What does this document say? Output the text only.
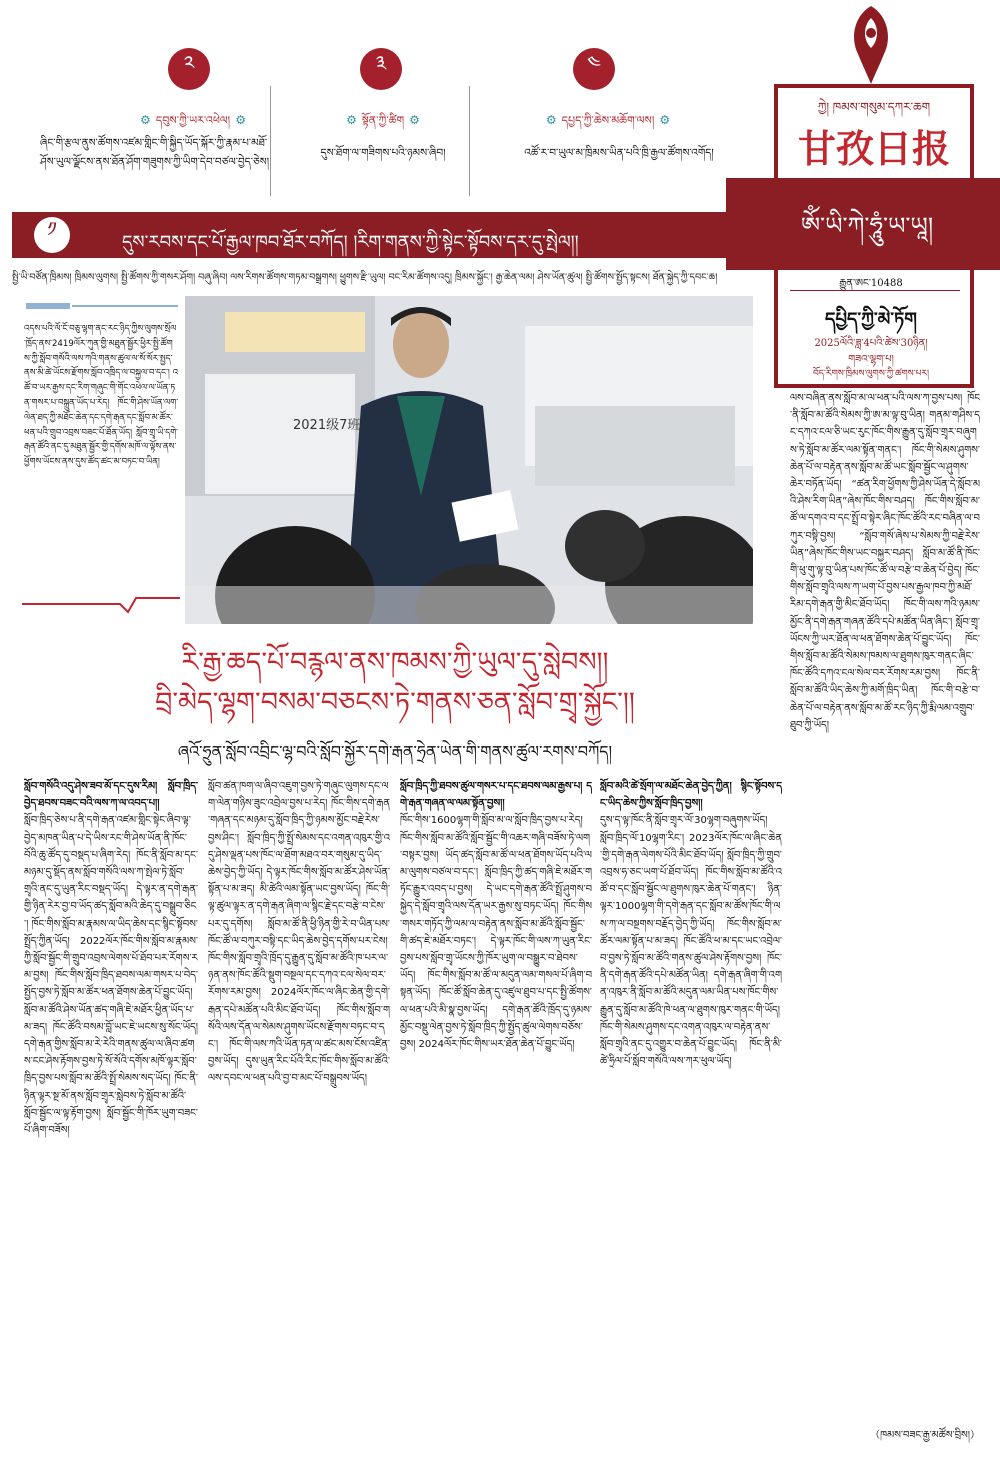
༢
⚙ དབུས་ཀྱི་ཡར་འཕེལ། ⚙
ཞིང་གི་རྩལ་ནུས་ཚོགས་འཛམ་གླིང་གི་སྐྱིད་ཡོད་སྐོར་ཀྱི་རྣམ་པ་མཐོ་ཤོས་ཡུལ་ལྗོངས་ནས་ཐོན་ཤོག་གཟུགས་ཀྱི་ཡིག་དེབ་བཙལ་བྱེད་ཅེས།
༣
⚙ སྟོན་ཀྱི་ཚིག ⚙
དུས་ཐོག་ལ་གཟིགས་པའི་ཉམས་ཞིབ།
༤
⚙ དཔྱད་ཀྱི་ཆེས་མཆོག་ལས། ⚙
འཚོ་ར་བ་ཡུལ་མ་ཁྲིམས་ཡིན་པའི་ཁྲི་རྒྱལ་ཚོགས་འགོད།
ཀྱེ། ཁམས་གསུམ་དཀར་ཆག
甘孜日报
ཨོཾ་ཡི་ཀེ་ཧཱུཾ་ཡ་ཡཱ།
རྒྱུན་ཨང་10488
དཔྱིད་ཀྱི་མེ་ཏོག
2025ལོའི་ཟླ་4པའི་ཚེས་30ཉིན།
གཟའ་ལྷག་པ།
བོད་རིགས་ཁྲིམས་ལུགས་ཀྱི་ཚགས་པར།
༡
དུས་རབས་དང་པོ་རྒྱལ་ཁབ་ཐོར་བཀོད། །རིག་གནས་ཀྱི་སྟེང་སྟོབས་དར་དུ་སྤེལ།།
སྤྱི་ཡི་བཙོན་ཁྲིམས། ཁྲིམས་ལུགས། སྤྱི་ཚོགས་ཀྱི་གསར་ཤོག། བཞུ་ཞིབ། ལས་རིགས་ཚོགས་གཏམ་བསྒྲགས། ཕྱུགས་རྫི་ཡུལ། བང་རིམ་ཚོགས་འདུ། ཁྲིམས་སྐྱོང་། རྒྱ་ཆེན་ལམ། ཤེས་ཡོན་ཚུལ། སྤྱི་ཚོགས་སྤྱོད་སྟངས། ཐོན་སྐྱེད་ཀྱི་དབང་ཆ།
འདས་པའི་ལོ་ངོ་བཅུ་ལྷག་ནང་རང་ཉིད་ཀྱིས་ལུགས་སྲོལ་ཁྲོད་ནས་2419ལོར་ཀུན་གྱི་མཐུན་སྦྱོར་ཕྱིར་སྤྱི་ཚོགས་ཀྱི་སློབ་གསོའི་ལས་ཀའི་གནས་ཚུལ་ལ་སོ་སོར་སྤྱད་ནས་མི་ཚེ་ཡོངས་རྫོགས་སློབ་འཁྲིད་ལ་བསྐྱལ་བ་དང་། འཚོ་བ་ཡར་རྒྱས་དང་རིག་གཞུང་གི་གོང་འཕེལ་ལ་ཡོན་ཏན་གསར་པ་བསྐྲུན་ཡོད་པ་རེད། ཁོང་གི་ཤེས་ཡོན་ལག་ལེན་ཐད་ཀྱི་མཐོང་ཆེན་དང་དགེ་རྒན་དང་སློབ་མ་ཚོར་ཕན་པའི་གྲུབ་འབྲས་བཟང་པོ་ཐོན་ཡོད། སློབ་གྲྭ་ཡི་དགེ་རྒན་ཚོའི་ནང་དུ་མཐུན་སྦྱོར་གྱི་དགོས་མཁོ་ལ་ལྟོས་ནས་ཕྱོགས་ཡོངས་ནས་དུས་ཚོད་ཚང་མ་བཏང་བ་ཡིན།
2021级7班
རི་རྒྱ་ཆད་པོ་བརྙལ་ནས་ཁམས་ཀྱི་ཡུལ་དུ་སླེབས།།
བྲི་མེད་ལྷག་བསམ་བཅངས་ཏེ་གནས་ཅན་སློབ་གྲྭ་སྐྱོང་།།
ཞའོ་ཧྲུན་སློབ་འབྲིང་ལྷ་བའི་སློབ་སྐྱོར་དགེ་རྒན་ཧྲེན་ཡེན་གི་གནས་ཚུལ་རགས་བཀོད།

སློབ་གསོའི་འདུ་ཤེས་ཟབ་མོ་དང་དུས་རིམ། སློབ་ཁྲིད་བྱེད་ཐབས་བཟང་བའི་ལས་ཀ་ལ་འབད་པ།།

སློབ་ཁྲིད་ཅེས་པ་ནི་དགེ་རྒན་འཛམ་གླིང་སྟེང་ཞིབ་ལྟ་བྱེད་མཁན་ཡིན་པ་དེ་ཡིས་རང་གི་ཤེས་ཡོན་ནི་ཁོང་བོའི་ཆུ་ཚོད་དུ་བསྡད་པ་ཞིག་རེད། ཁོང་ནི་སློབ་མ་དང་མཉམ་དུ་སྡོད་ནས་སློབ་གསོའི་ལས་ཀ་སྤེལ་ཏེ་སློབ་གྲྭའི་ནང་དུ་ཡུན་རིང་བསྡད་ཡོད། དེ་ལྟར་ན་དགེ་རྒན་གྱི་ཉིན་རེར་བྱ་བ་ཡོད་ཚད་སློབ་མའི་ཆེད་དུ་བསྒྲུབ་ཅིང་། ཁོང་གིས་སློབ་མ་རྣམས་ལ་ཡིད་ཆེས་དང་སྙིང་སྟོབས་སྤྲོད་ཀྱིན་ཡོད། 2022ལོར་ཁོང་གིས་སློབ་མ་རྣམས་ཀྱི་སློབ་སྦྱོང་གི་གྲུབ་འབྲས་ལེགས་པོ་ཐོབ་པར་རོགས་རམ་བྱས། ཁོང་གིས་སློབ་ཁྲིད་ཐབས་ལམ་གསར་པ་བེད་སྤྱོད་བྱས་ཏེ་སློབ་མ་ཚོར་ཕན་ཐོགས་ཆེན་པོ་བྱུང་ཡོད། སློབ་མ་ཚོའི་ཤེས་ཡོན་ཚད་གཞི་ཇེ་མཐོར་ཕྱིན་ཡོད་པ་མ་ཟད། ཁོང་ཚོའི་བསམ་བློ་ཡང་ཇེ་ཡངས་སུ་སོང་ཡོད། དགེ་རྒན་གྱིས་སློབ་མ་རེ་རེའི་གནས་ཚུལ་ལ་ཞིབ་ཚགས་ངང་ཤེས་རྟོགས་བྱས་ཏེ་སོ་སོའི་དགོས་མཁོ་ལྟར་སློབ་ཁྲིད་བྱས་པས་སློབ་མ་ཚོའི་སྤྲོ་སེམས་སད་ཡོད། ཁོང་ནི་ཉིན་ལྟར་སྔ་མོ་ནས་སློབ་གྲྭར་སླེབས་ཏེ་སློབ་མ་ཚོའི་སློབ་སྦྱོང་ལ་ལྟ་རྟོག་བྱས། སློབ་སྦྱོང་གི་ཁོར་ཡུག་བཟང་པོ་ཞིག་བཟོས།

སློབ་ཚན་ཁག་ལ་ཞིབ་འཇུག་བྱས་ཏེ་གཞུང་ལུགས་དང་ལག་ལེན་གཉིས་ཟུང་འབྲེལ་བྱས་པ་རེད། ཁོང་གིས་དགེ་རྒན་གཞན་དང་མཉམ་དུ་སློབ་ཁྲིད་ཀྱི་ཉམས་མྱོང་བརྗེ་རེས་བྱས་ཤིང་། སློབ་ཁྲིད་ཀྱི་སྤྲོ་སེམས་དང་འགན་འཁུར་གྱི་འདུ་ཤེས་ལྡན་པས་ཁོང་ལ་ཐོག་མཐའ་བར་གསུམ་དུ་ཡིད་ཆེས་བྱེད་ཀྱི་ཡོད། དེ་ལྟར་ཁོང་གིས་སློབ་མ་ཚོར་ཤེས་ཡོན་སྟོན་པ་མ་ཟད། མི་ཚེའི་ལམ་སྟོན་ཡང་བྱས་ཡོད། ཁོང་གི་ལྟ་ཚུལ་ལྟར་ན་དགེ་རྒན་ཞིག་ལ་སྙིང་རྗེ་དང་བརྩེ་བ་ངེས་པར་དུ་དགོས། སློབ་མ་ཚོ་ནི་ཕྱི་ཉིན་གྱི་རེ་བ་ཡིན་པས་ཁོང་ཚོ་ལ་བཀུར་བསྟི་དང་ཡིད་ཆེས་བྱེད་དགོས་པར་ངེས། ཁོང་གིས་སློབ་གྲྭའི་ཁྲོད་དུ་རྒྱུན་དུ་སློབ་མ་ཚོའི་ཁ་པར་ལ་ཉན་ནས་ཁོང་ཚོའི་སྡུག་བསྔལ་དང་དཀའ་ངལ་སེལ་བར་རོགས་རམ་བྱས། 2024ལོར་ཁོང་ལ་ཞིང་ཆེན་གྱི་དགེ་རྒན་དཔེ་མཚོན་པའི་མིང་ཐོབ་ཡོད། ཁོང་གིས་སློབ་གསོའི་ལས་དོན་ལ་སེམས་ཤུགས་ཡོངས་རྫོགས་བཏང་བ་དང་། ཁོང་གི་ལས་ཀའི་ཡོན་ཏན་ལ་ཚང་མས་ངོས་འཛིན་བྱས་ཡོད། དུས་ཡུན་རིང་པོའི་རིང་ཁོང་གིས་སློབ་མ་ཚོའི་ལས་དབང་ལ་ཕན་པའི་བྱ་བ་མང་པོ་བསྒྲུབས་ཡོད།

སློབ་ཁྲིད་ཀྱི་ཐབས་ཚུལ་གསར་པ་དང་ཐབས་ལམ་རྒྱས་པ། དགེ་རྒན་གཞན་ལ་ལམ་སྟོན་བྱས།།

ཁོང་གིས་1600ལྷག་གི་སློབ་མ་ལ་སློབ་ཁྲིད་བྱས་པ་རེད། ཁོང་གིས་སློབ་མ་ཚོའི་སློབ་སྦྱོང་གི་འཆར་གཞི་བཟོས་ཏེ་ལག་བསྟར་བྱས། ཡོད་ཚད་སློབ་མ་ཚོ་ལ་ཕན་ཐོགས་ཡོད་པའི་ལམ་ལུགས་བཙལ་བ་དང་། སློབ་ཁྲིད་ཀྱི་ཚད་གཞི་ཇེ་མཐོར་གཏོང་རྒྱུར་འབད་པ་བྱས། དེ་ཡང་དགེ་རྒན་ཚོའི་སྤྲོ་ཤུགས་བསྐྱེད་དེ་སློབ་གྲྭའི་ལས་དོན་ཡར་རྒྱས་སུ་བཏང་ཡོད། ཁོང་གིས་གསར་གཏོད་ཀྱི་ལམ་ལ་བརྟེན་ནས་སློབ་མ་ཚོའི་སློབ་སྦྱོང་གི་ཚད་ཇེ་མཐོར་བཏང་། དེ་ལྟར་ཁོང་གི་ལས་ཀ་ཡུན་རིང་བྱས་པས་སློབ་གྲྭ་ཡོངས་ཀྱི་ཁོར་ཡུག་ལ་བསྒྱུར་བ་ཐེབས་ཡོད། ཁོང་གིས་སློབ་མ་ཚོ་ལ་མདུན་ལམ་གསལ་པོ་ཞིག་བསྟན་ཡོད། ཁོང་ཚོ་སློབ་ཆེན་དུ་འཛུལ་ཐུབ་པ་དང་སྤྱི་ཚོགས་ལ་ཕན་པའི་མི་སྣ་བྱས་ཡོད། དགེ་རྒན་ཚོའི་ཁྲོད་དུ་ཉམས་མྱོང་བསྡུ་ལེན་བྱས་ཏེ་སློབ་ཁྲིད་ཀྱི་སྤྱོད་ཚུལ་ལེགས་བཅོས་བྱས། 2024ལོར་ཁོང་གིས་ཡར་ཐོན་ཆེན་པོ་བྱུང་ཡོད།

སློབ་མའི་ཚེ་སྲོག་ལ་མཐོང་ཆེན་བྱེད་ཀྱིན། སྙིང་སྟོབས་དང་ཡིད་ཆེས་ཀྱིས་སློབ་ཁྲིད་བྱས།།

དུས་ད་ལྟ་ཁོང་ནི་སློབ་གྲྭར་ལོ་30ལྷག་བཞུགས་ཡོད། སློབ་ཁྲིད་ལོ་10ལྷག་རིང་། 2023ལོར་ཁོང་ལ་ཞིང་ཆེན་གྱི་དགེ་རྒན་ལེགས་པོའི་མིང་ཐོབ་ཡོད། སློབ་ཁྲིད་ཀྱི་གྲུབ་འབྲས་ཧ་ཅང་ཡག་པོ་ཐོབ་ཡོད། ཁོང་གིས་སློབ་མ་ཚོའི་འཚོ་བ་དང་སློབ་སྦྱོང་ལ་ཐུགས་ཁུར་ཆེན་པོ་གནང་། ཉིན་ལྟར་1000ལྷག་གི་དགེ་རྒན་དང་སློབ་མ་ཚོས་ཁོང་གི་ལས་ཀ་ལ་བསྔགས་བརྗོད་བྱེད་ཀྱི་ཡོད། ཁོང་གིས་སློབ་མ་ཚོར་ལམ་སྟོན་པ་མ་ཟད། ཁོང་ཚོའི་ཕ་མ་དང་ཡང་འབྲེལ་བ་བྱས་ཏེ་སློབ་མ་ཚོའི་གནས་ཚུལ་ཤེས་རྟོགས་བྱས། ཁོང་ནི་དགེ་རྒན་ཚོའི་དཔེ་མཚོན་ཡིན། དགེ་རྒན་ཞིག་གི་འགན་འཁུར་ནི་སློབ་མ་ཚོའི་མདུན་ལམ་ཡིན་པས་ཁོང་གིས་རྒྱུན་དུ་སློབ་མ་ཚོའི་ཁེ་ཕན་ལ་ཐུགས་ཁུར་གནང་གི་ཡོད། ཁོང་གི་སེམས་ཤུགས་དང་འགན་འཁུར་ལ་བརྟེན་ནས་སློབ་གྲྭའི་ནང་དུ་འགྱུར་བ་ཆེན་པོ་བྱུང་ཡོད། ཁོང་ནི་མི་ཚེ་ཧྲིལ་པོ་སློབ་གསོའི་ལས་ཀར་ཕུལ་ཡོད།

ལས་བཞིན་ནས་སློབ་མ་ལ་ཕན་པའི་ལས་ཀ་བྱས་པས། ཁོང་ནི་སློབ་མ་ཚོའི་སེམས་ཀྱི་ཨ་མ་ལྟ་བུ་ཡིན། གནམ་གཤིས་དང་དཀའ་ངལ་ཅི་ཡང་རུང་ཁོང་གིས་རྒྱུན་དུ་སློབ་གྲྭར་བཞུགས་ཏེ་སློབ་མ་ཚོར་ལམ་སྟོན་གནང་། ཁོང་གི་སེམས་ཤུགས་ཆེན་པོ་ལ་བརྟེན་ནས་སློབ་མ་ཚོ་ཡང་སློབ་སྦྱོང་ལ་ཤུགས་ཆེར་བཏོན་ཡོད། “ཚན་རིག་ཕྱོགས་ཀྱི་ཤེས་ཡོན་དེ་སློབ་མའི་ཤེས་རིག་ཡིན”ཞེས་ཁོང་གིས་བཤད། ཁོང་གིས་སློབ་མ་ཚོ་ལ་དགའ་བ་དང་སྤྲོ་བ་སྟེར་ཞིང་ཁོང་ཚོའི་རང་བཞིན་ལ་བཀུར་བསྟི་བྱས། “སློབ་གསོ་ཞེས་པ་སེམས་ཀྱི་བརྗེ་རེས་ཡིན”ཞེས་ཁོང་གིས་ཡང་བསྐྱར་བཤད། སློབ་མ་ཚོ་ནི་ཁོང་གི་ཕུ་གུ་ལྟ་བུ་ཡིན་པས་ཁོང་ཚོ་ལ་བརྩེ་བ་ཆེན་པོ་བྱེད། ཁོང་གིས་སློབ་གྲྭའི་ལས་ཀ་ཡག་པོ་བྱས་པས་རྒྱལ་ཁབ་ཀྱི་མཐོ་རིམ་དགེ་རྒན་གྱི་མིང་ཐོབ་ཡོད། ཁོང་གི་ལས་ཀའི་ཉམས་མྱོང་ནི་དགེ་རྒན་གཞན་ཚོའི་དཔེ་མཚོན་ཡིན་ཞིང་། སློབ་གྲྭ་ཡོངས་ཀྱི་ཡར་ཐོན་ལ་ཕན་ཐོགས་ཆེན་པོ་བྱུང་ཡོད། ཁོང་གིས་སློབ་མ་ཚོའི་སེམས་ཁམས་ལ་ཐུགས་ཁུར་གནང་ཞིང་ཁོང་ཚོའི་དཀའ་ངལ་སེལ་བར་རོགས་རམ་བྱས། ཁོང་ནི་སློབ་མ་ཚོའི་ཡིད་ཆེས་ཀྱི་མགོ་ཁྲིད་ཡིན། ཁོང་གི་བརྩེ་བ་ཆེན་པོ་ལ་བརྟེན་ནས་སློབ་མ་ཚོ་རང་ཉིད་ཀྱི་རྨི་ལམ་འགྲུབ་ཐུབ་ཀྱི་ཡོད།

（ཁམས་བཟང་རྒྱ་མཚོས་བྲིས།）
